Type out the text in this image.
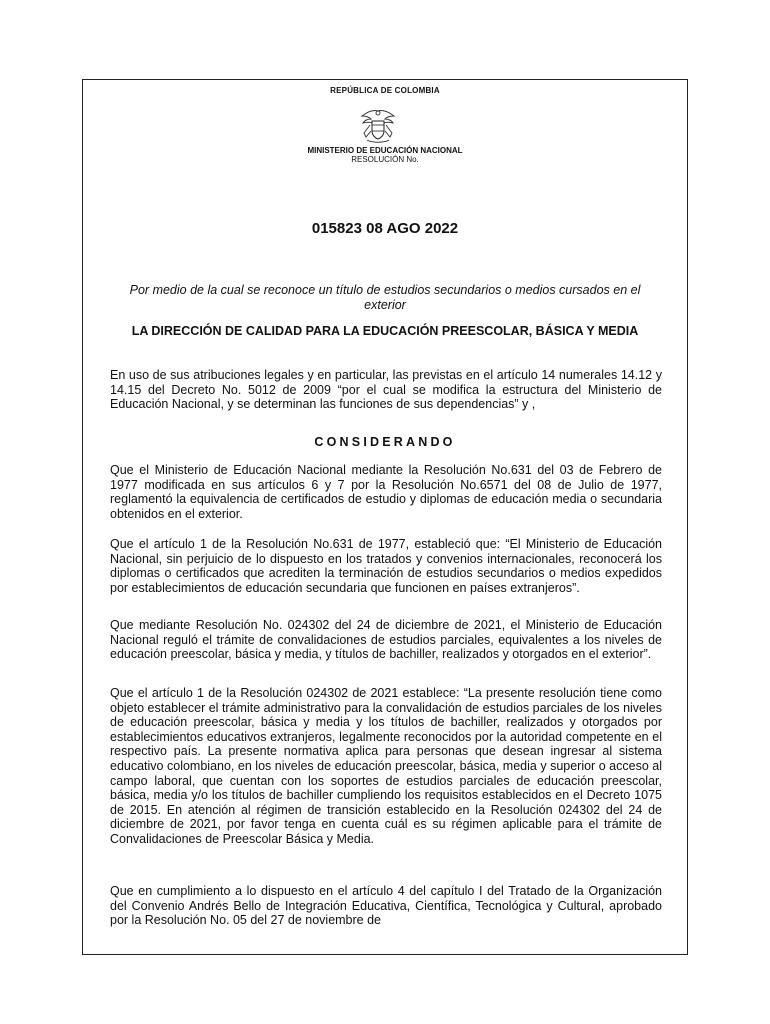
REPÚBLICA DE COLOMBIA
MINISTERIO DE EDUCACIÓN NACIONAL
RESOLUCIÓN No.
015823 08 AGO 2022
Por medio de la cual se reconoce un título de estudios secundarios o medios cursados en el exterior
LA DIRECCIÓN DE CALIDAD PARA LA EDUCACIÓN PREESCOLAR, BÁSICA Y MEDIA

En uso de sus atribuciones legales y en particular, las previstas en el artículo 14 numerales 14.12 y 14.15 del Decreto No. 5012 de 2009 “por el cual se modifica la estructura del Ministerio de Educación Nacional, y se determinan las funciones de sus dependencias” y ,

CONSIDERANDO

Que el Ministerio de Educación Nacional mediante la Resolución No.631 del 03 de Febrero de 1977 modificada en sus artículos 6 y 7 por la Resolución No.6571 del 08 de Julio de 1977, reglamentó la equivalencia de certificados de estudio y diplomas de educación media o secundaria obtenidos en el exterior.

Que el artículo 1 de la Resolución No.631 de 1977, estableció que: “El Ministerio de Educación Nacional, sin perjuicio de lo dispuesto en los tratados y convenios internacionales, reconocerá los diplomas o certificados que acrediten la terminación de estudios secundarios o medios expedidos por establecimientos de educación secundaria que funcionen en países extranjeros”.

Que mediante Resolución No. 024302 del 24 de diciembre de 2021, el Ministerio de Educación Nacional reguló el trámite de convalidaciones de estudios parciales, equivalentes a los niveles de educación preescolar, básica y media, y títulos de bachiller, realizados y otorgados en el exterior”.

Que el artículo 1 de la Resolución 024302 de 2021 establece: “La presente resolución tiene como objeto establecer el trámite administrativo para la convalidación de estudios parciales de los niveles de educación preescolar, básica y media y los títulos de bachiller, realizados y otorgados por establecimientos educativos extranjeros, legalmente reconocidos por la autoridad competente en el respectivo país. La presente normativa aplica para personas que desean ingresar al sistema educativo colombiano, en los niveles de educación preescolar, básica, media y superior o acceso al campo laboral, que cuentan con los soportes de estudios parciales de educación preescolar, básica, media y/o los títulos de bachiller cumpliendo los requisitos establecidos en el Decreto 1075 de 2015. En atención al régimen de transición establecido en la Resolución 024302 del 24 de diciembre de 2021, por favor tenga en cuenta cuál es su régimen aplicable para el trámite de Convalidaciones de Preescolar Básica y Media.

Que en cumplimiento a lo dispuesto en el artículo 4 del capítulo I del Tratado de la Organización del Convenio Andrés Bello de Integración Educativa, Científica, Tecnológica y Cultural, aprobado por la Resolución No. 05 del 27 de noviembre de
